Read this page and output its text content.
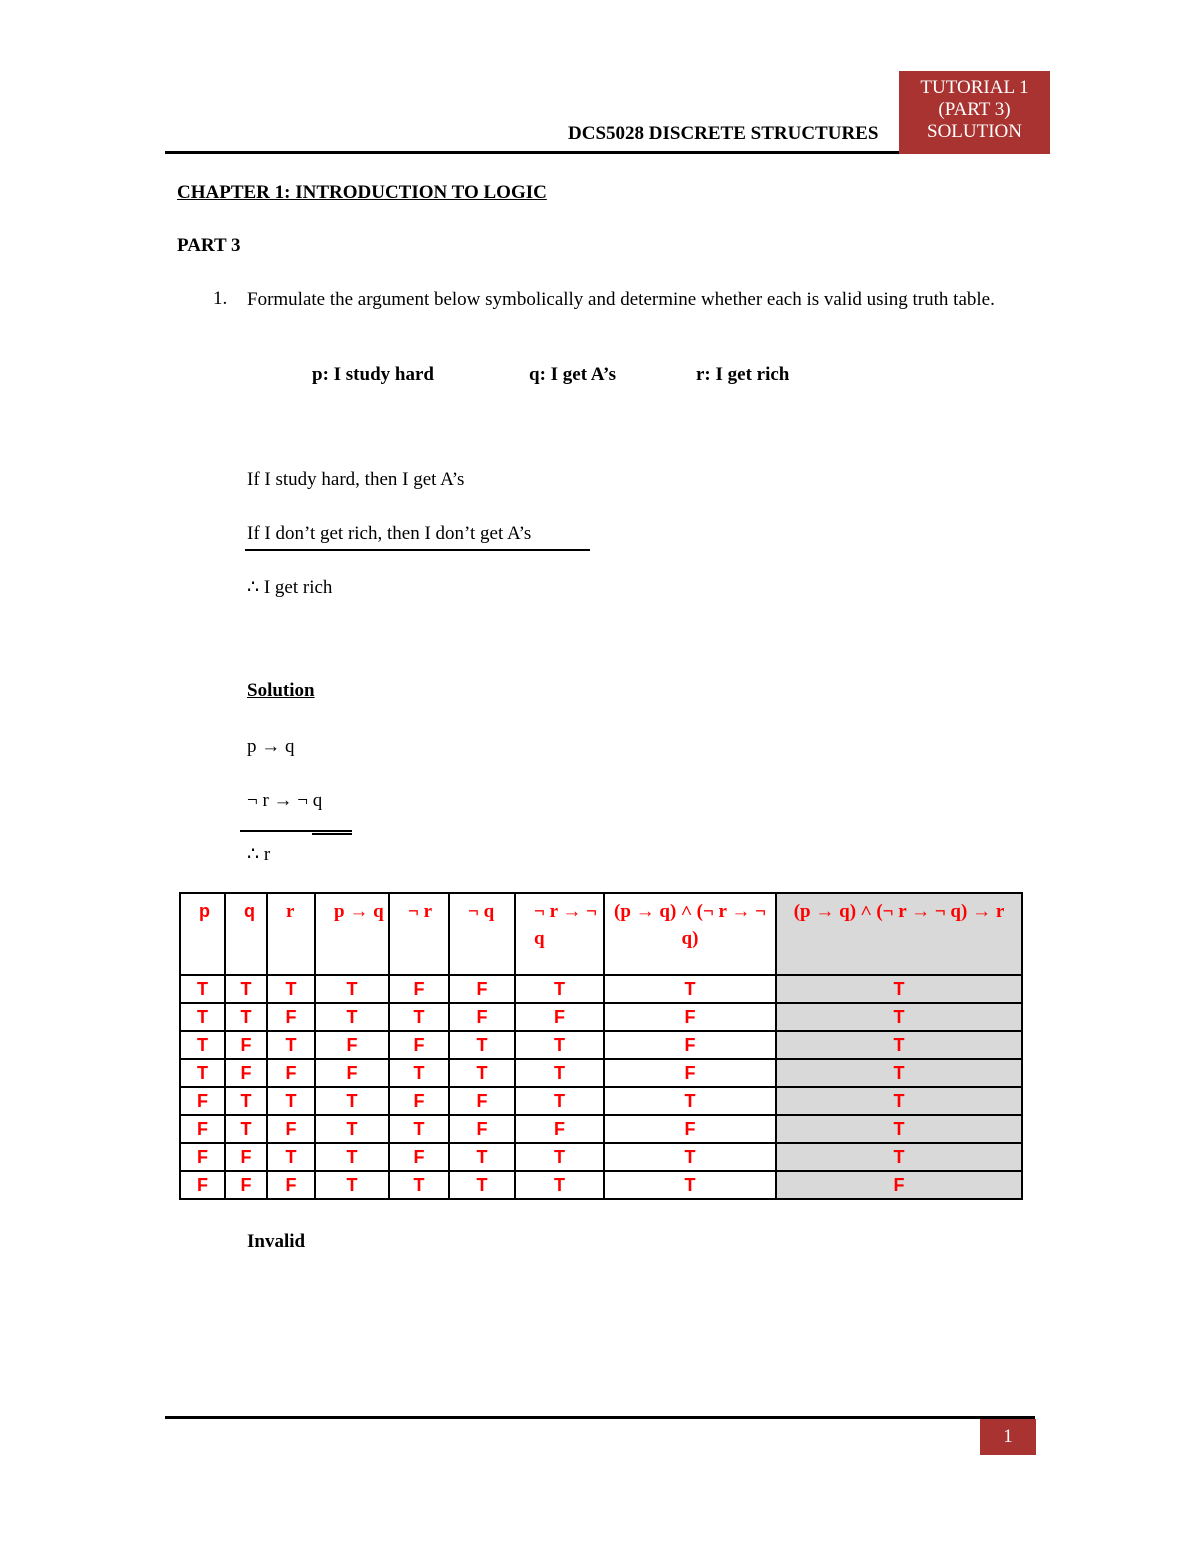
DCS5028 DISCRETE STRUCTURES
TUTORIAL 1
(PART 3)
SOLUTION
CHAPTER 1: INTRODUCTION TO LOGIC
PART 3
1. Formulate the argument below symbolically and determine whether each is valid using truth table.
p: I study hard	q: I get A’s	r: I get rich
If I study hard, then I get A’s
If I don’t get rich, then I don’t get A’s
∴ I get rich
Solution
p → q
¬ r → ¬ q
∴ r
p	q	r	p → q	¬ r	¬ q	¬ r → ¬ q	(p → q) ˄ (¬ r → ¬ q)	(p → q) ˄ (¬ r → ¬ q) → r
T	T	T	T	F	F	T	T	T
T	T	F	T	T	F	F	F	T
T	F	T	F	F	T	T	F	T
T	F	F	F	T	T	T	F	T
F	T	T	T	F	F	T	T	T
F	T	F	T	T	F	F	F	T
F	F	T	T	F	T	T	T	T
F	F	F	T	T	T	T	T	F
Invalid
1
